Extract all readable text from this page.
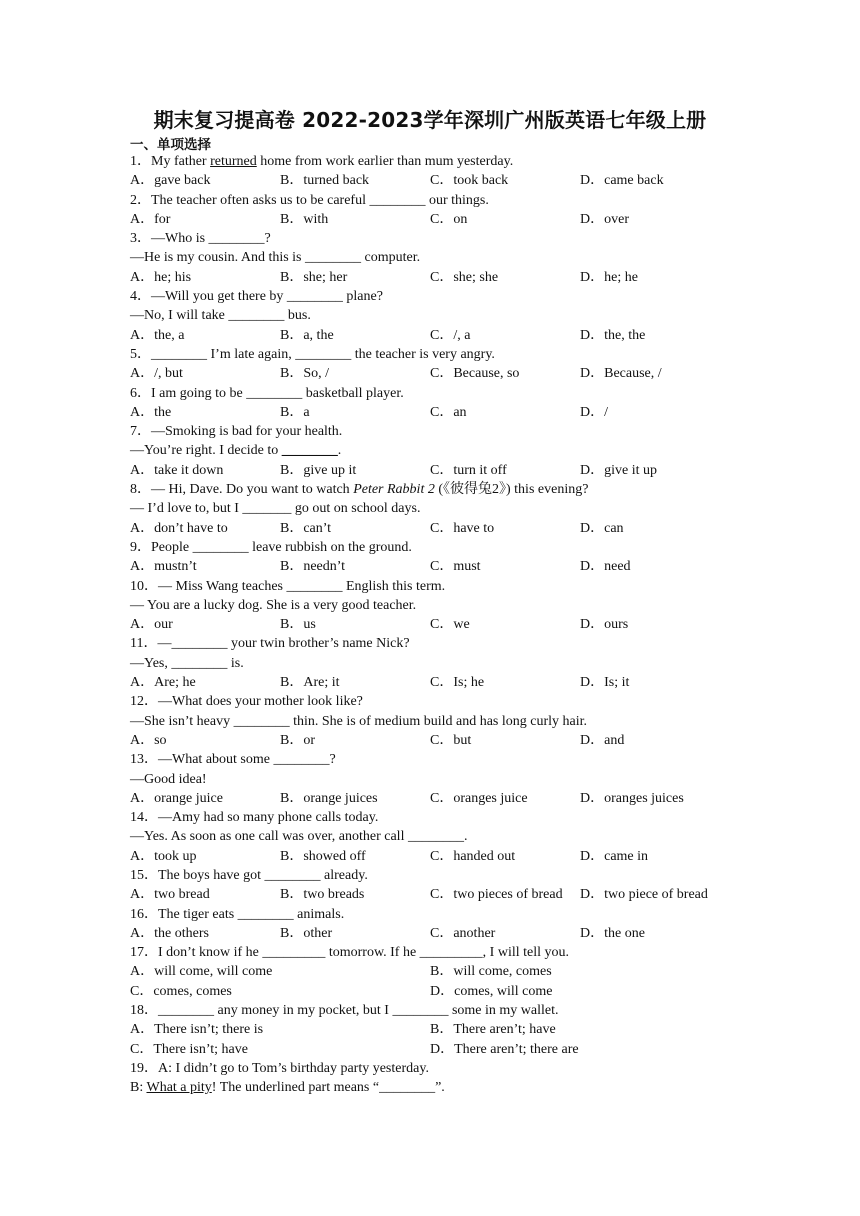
期末复习提高卷 2022-2023学年深圳广州版英语七年级上册
一、单项选择
1．My father returned home from work earlier than mum yesterday.
A．gave back	B．turned back	C．took back	D．came back
2．The teacher often asks us to be careful ________ our things.
A．for	B．with	C．on	D．over
3．—Who is ________?
—He is my cousin. And this is ________ computer.
A．he; his	B．she; her	C．she; she	D．he; he
4．—Will you get there by ________ plane?
—No, I will take ________ bus.
A．the, a	B．a, the	C．/, a	D．the, the
5．________ I’m late again, ________ the teacher is very angry.
A．/, but	B．So, /	C．Because, so	D．Because, /
6．I am going to be ________ basketball player.
A．the	B．a	C．an	D．/
7．—Smoking is bad for your health.
—You’re right. I decide to ________.
A．take it down	B．give up it	C．turn it off	D．give it up
8．— Hi, Dave. Do you want to watch Peter Rabbit 2 (《彼得兔2》) this evening?
— I’d love to, but I _______ go out on school days.
A．don’t have to	B．can’t	C．have to	D．can
9．People ________ leave rubbish on the ground.
A．mustn’t	B．needn’t	C．must	D．need
10．— Miss Wang teaches ________ English this term.
— You are a lucky dog. She is a very good teacher.
A．our	B．us	C．we	D．ours
11．—________ your twin brother’s name Nick?
—Yes, ________ is.
A．Are; he	B．Are; it	C．Is; he	D．Is; it
12．—What does your mother look like?
—She isn’t heavy ________ thin. She is of medium build and has long curly hair.
A．so	B．or	C．but	D．and
13．—What about some ________?
—Good idea!
A．orange juice	B．orange juices	C．oranges juice	D．oranges juices
14．—Amy had so many phone calls today.
—Yes. As soon as one call was over, another call ________.
A．took up	B．showed off	C．handed out	D．came in
15．The boys have got ________ already.
A．two bread	B．two breads	C．two pieces of bread	D．two piece of bread
16．The tiger eats ________ animals.
A．the others	B．other	C．another	D．the one
17．I don’t know if he _________ tomorrow. If he _________, I will tell you.
A．will come, will come	B．will come, comes
C．comes, comes	D．comes, will come
18．________ any money in my pocket, but I ________ some in my wallet.
A．There isn’t; there is	B．There aren’t; have
C．There isn’t; have	D．There aren’t; there are
19．A: I didn’t go to Tom’s birthday party yesterday.
B: What a pity! The underlined part means “________”.
